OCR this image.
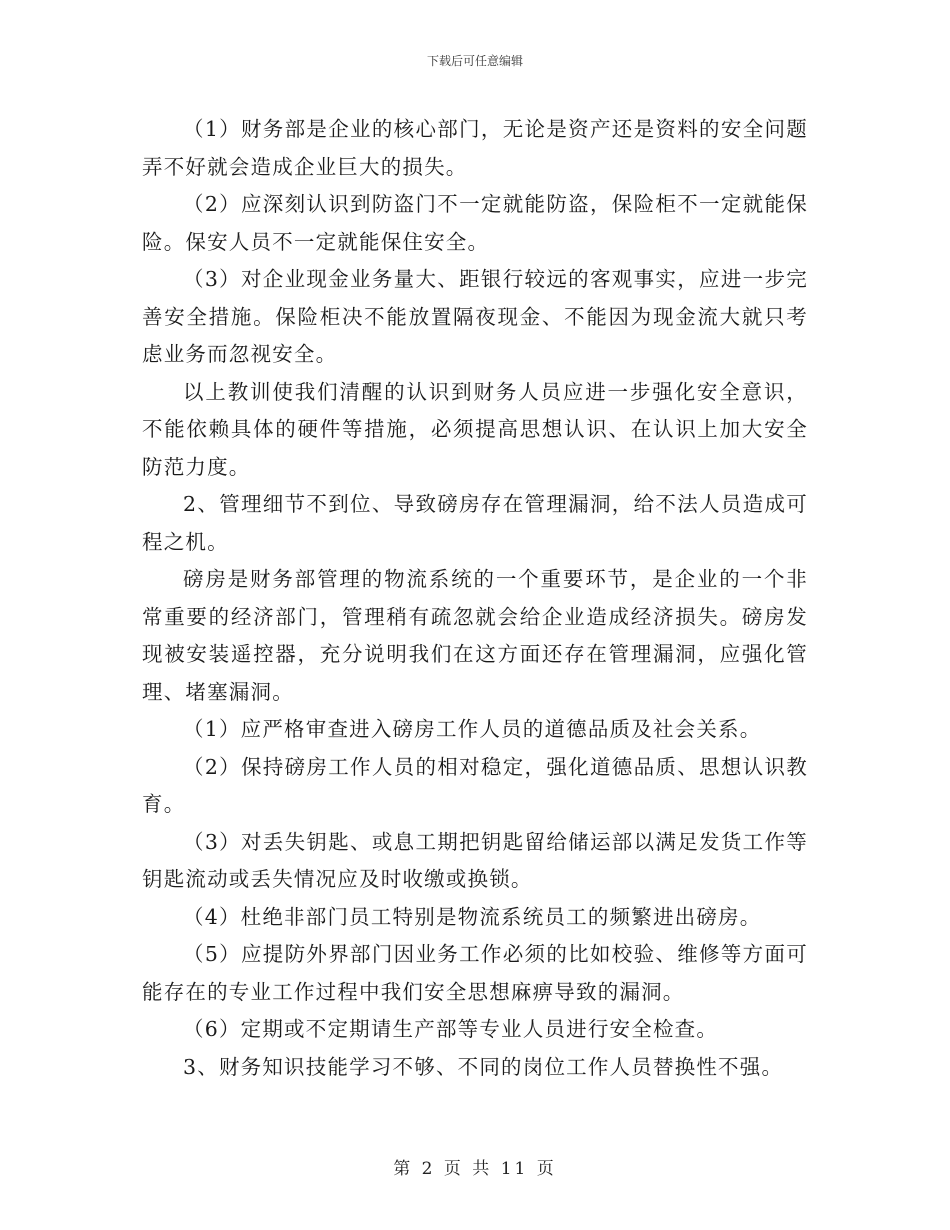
下载后可任意编辑

（1）财务部是企业的核心部门，无论是资产还是资料的安全问题弄不好就会造成企业巨大的损失。

（2）应深刻认识到防盗门不一定就能防盗，保险柜不一定就能保险。保安人员不一定就能保住安全。

（3）对企业现金业务量大、距银行较远的客观事实，应进一步完善安全措施。保险柜决不能放置隔夜现金、不能因为现金流大就只考虑业务而忽视安全。

以上教训使我们清醒的认识到财务人员应进一步强化安全意识，不能依赖具体的硬件等措施，必须提高思想认识、在认识上加大安全防范力度。

2、管理细节不到位、导致磅房存在管理漏洞，给不法人员造成可程之机。

磅房是财务部管理的物流系统的一个重要环节，是企业的一个非常重要的经济部门，管理稍有疏忽就会给企业造成经济损失。磅房发现被安装遥控器，充分说明我们在这方面还存在管理漏洞，应强化管理、堵塞漏洞。

（1）应严格审查进入磅房工作人员的道德品质及社会关系。

（2）保持磅房工作人员的相对稳定，强化道德品质、思想认识教育。

（3）对丢失钥匙、或息工期把钥匙留给储运部以满足发货工作等钥匙流动或丢失情况应及时收缴或换锁。

（4）杜绝非部门员工特别是物流系统员工的频繁进出磅房。

（5）应提防外界部门因业务工作必须的比如校验、维修等方面可能存在的专业工作过程中我们安全思想麻痹导致的漏洞。

（6）定期或不定期请生产部等专业人员进行安全检查。

3、财务知识技能学习不够、不同的岗位工作人员替换性不强。

第 2 页 共 11 页
